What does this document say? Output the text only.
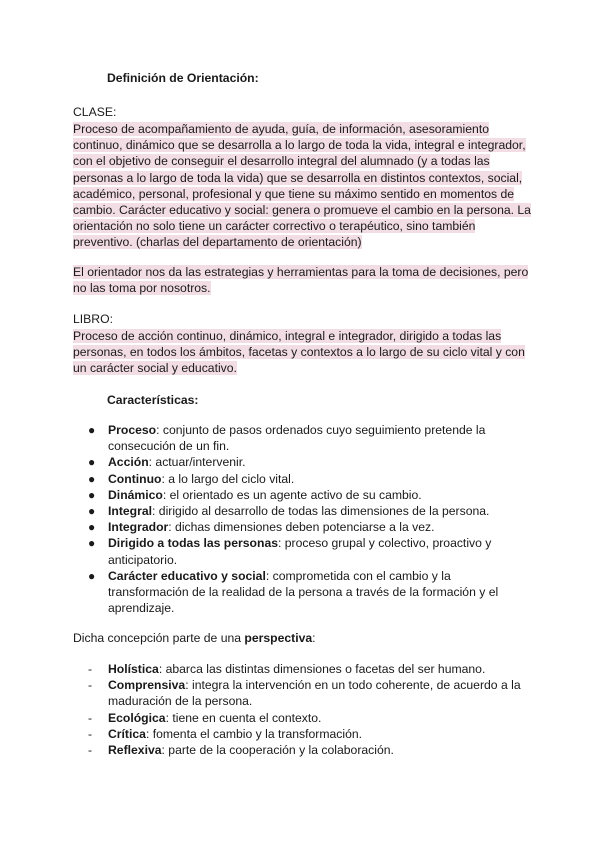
Definición de Orientación:
CLASE:
Proceso de acompañamiento de ayuda, guía, de información, asesoramiento continuo, dinámico que se desarrolla a lo largo de toda la vida, integral e integrador, con el objetivo de conseguir el desarrollo integral del alumnado (y a todas las personas a lo largo de toda la vida) que se desarrolla en distintos contextos, social, académico, personal, profesional y que tiene su máximo sentido en momentos de cambio. Carácter educativo y social: genera o promueve el cambio en la persona. La orientación no solo tiene un carácter correctivo o terapéutico, sino también preventivo. (charlas del departamento de orientación)
El orientador nos da las estrategias y herramientas para la toma de decisiones, pero no las toma por nosotros.
LIBRO:
Proceso de acción continuo, dinámico, integral e integrador, dirigido a todas las personas, en todos los ámbitos, facetas y contextos a lo largo de su ciclo vital y con un carácter social y educativo.
Características:
●	Proceso: conjunto de pasos ordenados cuyo seguimiento pretende la consecución de un fin.
●	Acción: actuar/intervenir.
●	Continuo: a lo largo del ciclo vital.
●	Dinámico: el orientado es un agente activo de su cambio.
●	Integral: dirigido al desarrollo de todas las dimensiones de la persona.
●	Integrador: dichas dimensiones deben potenciarse a la vez.
●	Dirigido a todas las personas: proceso grupal y colectivo, proactivo y anticipatorio.
●	Carácter educativo y social: comprometida con el cambio y la transformación de la realidad de la persona a través de la formación y el aprendizaje.
Dicha concepción parte de una perspectiva:
- Holística: abarca las distintas dimensiones o facetas del ser humano.
- Comprensiva: integra la intervención en un todo coherente, de acuerdo a la maduración de la persona.
- Ecológica: tiene en cuenta el contexto.
- Crítica: fomenta el cambio y la transformación.
- Reflexiva: parte de la cooperación y la colaboración.
